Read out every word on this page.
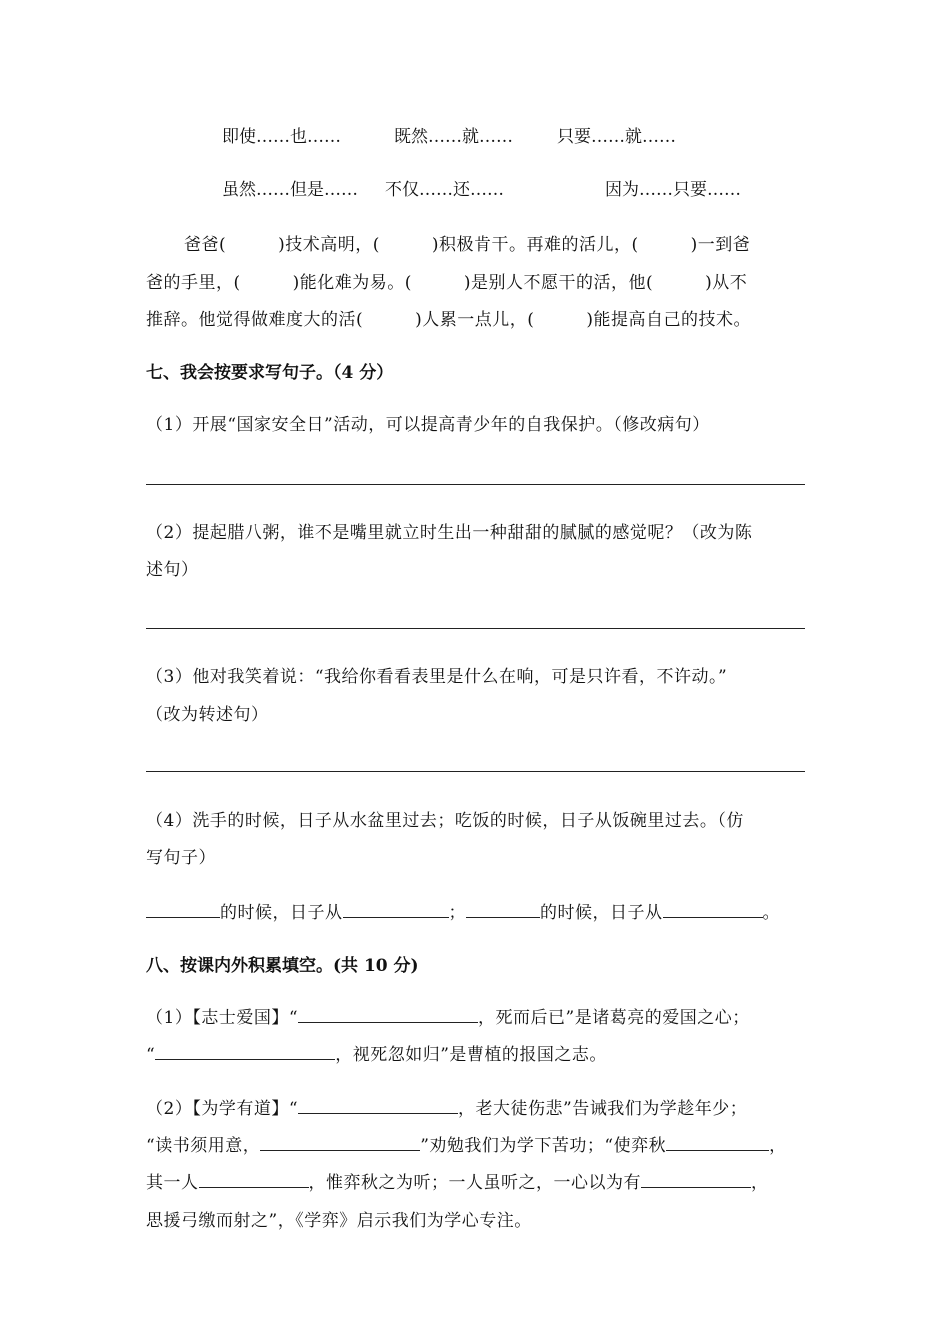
即使……也……	既然……就……	只要……就……
虽然……但是…… 不仅……还……	因为……只要……
爸爸(	)技术高明，(	)积极肯干。再难的活儿，(	)一到爸
爸的手里，(	)能化难为易。(	)是别人不愿干的活，他(	)从不
推辞。他觉得做难度大的活(	)人累一点儿，(	)能提高自己的技术。
七、我会按要求写句子。（4 分）
（1）开展“国家安全日”活动，可以提高青少年的自我保护。（修改病句）
（2）提起腊八粥，谁不是嘴里就立时生出一种甜甜的腻腻的感觉呢？（改为陈
述句）
（3）他对我笑着说：“我给你看看表里是什么在响，可是只许看，不许动。”
（改为转述句）
（4）洗手的时候，日子从水盆里过去；吃饭的时候，日子从饭碗里过去。（仿
写句子）
的时候，日子从	；	的时候，日子从	。
八、按课内外积累填空。(共 10 分)
（1）【志士爱国】“	，死而后已”是诸葛亮的爱国之心；
“	，视死忽如归”是曹植的报国之志。
（2）【为学有道】“	，老大徒伤悲”告诫我们为学趁年少；
“读书须用意，	”劝勉我们为学下苦功；“使弈秋	，
其一人	，惟弈秋之为听；一人虽听之，一心以为有	，
思援弓缴而射之”，《学弈》启示我们为学心专注。
